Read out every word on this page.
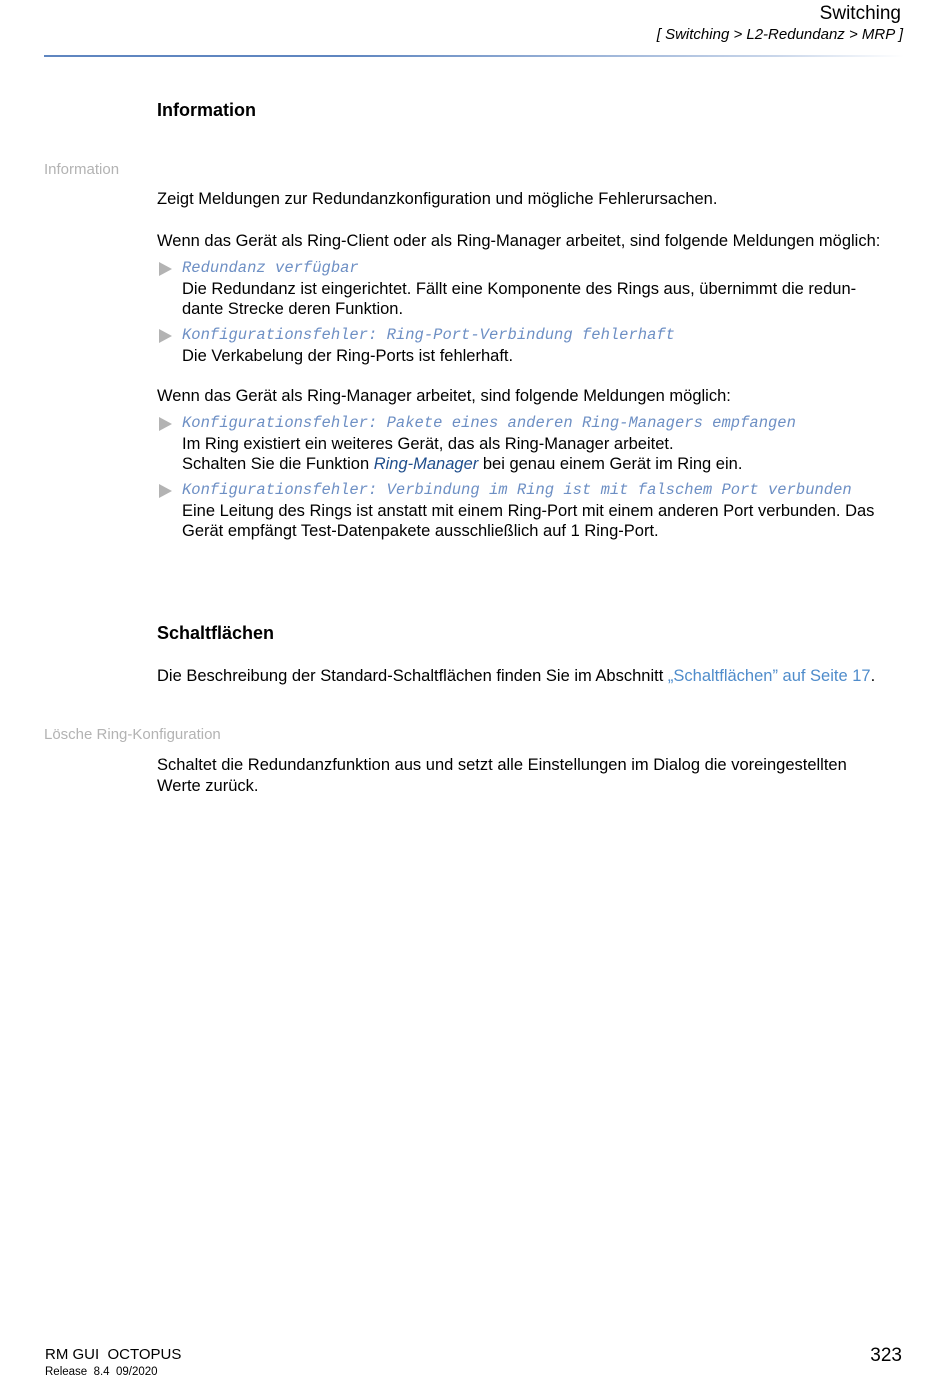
Switching
[ Switching > L2-Redundanz > MRP ]
Information
Information
Zeigt Meldungen zur Redundanzkonfiguration und mögliche Fehlerursachen.
Wenn das Gerät als Ring-Client oder als Ring-Manager arbeitet, sind folgende Meldungen möglich:
Redundanz verfügbar
Die Redundanz ist eingerichtet. Fällt eine Komponente des Rings aus, übernimmt die redun-
dante Strecke deren Funktion.
Konfigurationsfehler: Ring-Port-Verbindung fehlerhaft
Die Verkabelung der Ring-Ports ist fehlerhaft.
Wenn das Gerät als Ring-Manager arbeitet, sind folgende Meldungen möglich:
Konfigurationsfehler: Pakete eines anderen Ring-Managers empfangen
Im Ring existiert ein weiteres Gerät, das als Ring-Manager arbeitet.
Schalten Sie die Funktion Ring-Manager bei genau einem Gerät im Ring ein.
Konfigurationsfehler: Verbindung im Ring ist mit falschem Port verbunden
Eine Leitung des Rings ist anstatt mit einem Ring-Port mit einem anderen Port verbunden. Das
Gerät empfängt Test-Datenpakete ausschließlich auf 1 Ring-Port.
Schaltflächen
Die Beschreibung der Standard-Schaltflächen finden Sie im Abschnitt „Schaltflächen” auf Seite 17.
Lösche Ring-Konfiguration
Schaltet die Redundanzfunktion aus und setzt alle Einstellungen im Dialog die voreingestellten
Werte zurück.
RM GUI  OCTOPUS
Release  8.4  09/2020
323
